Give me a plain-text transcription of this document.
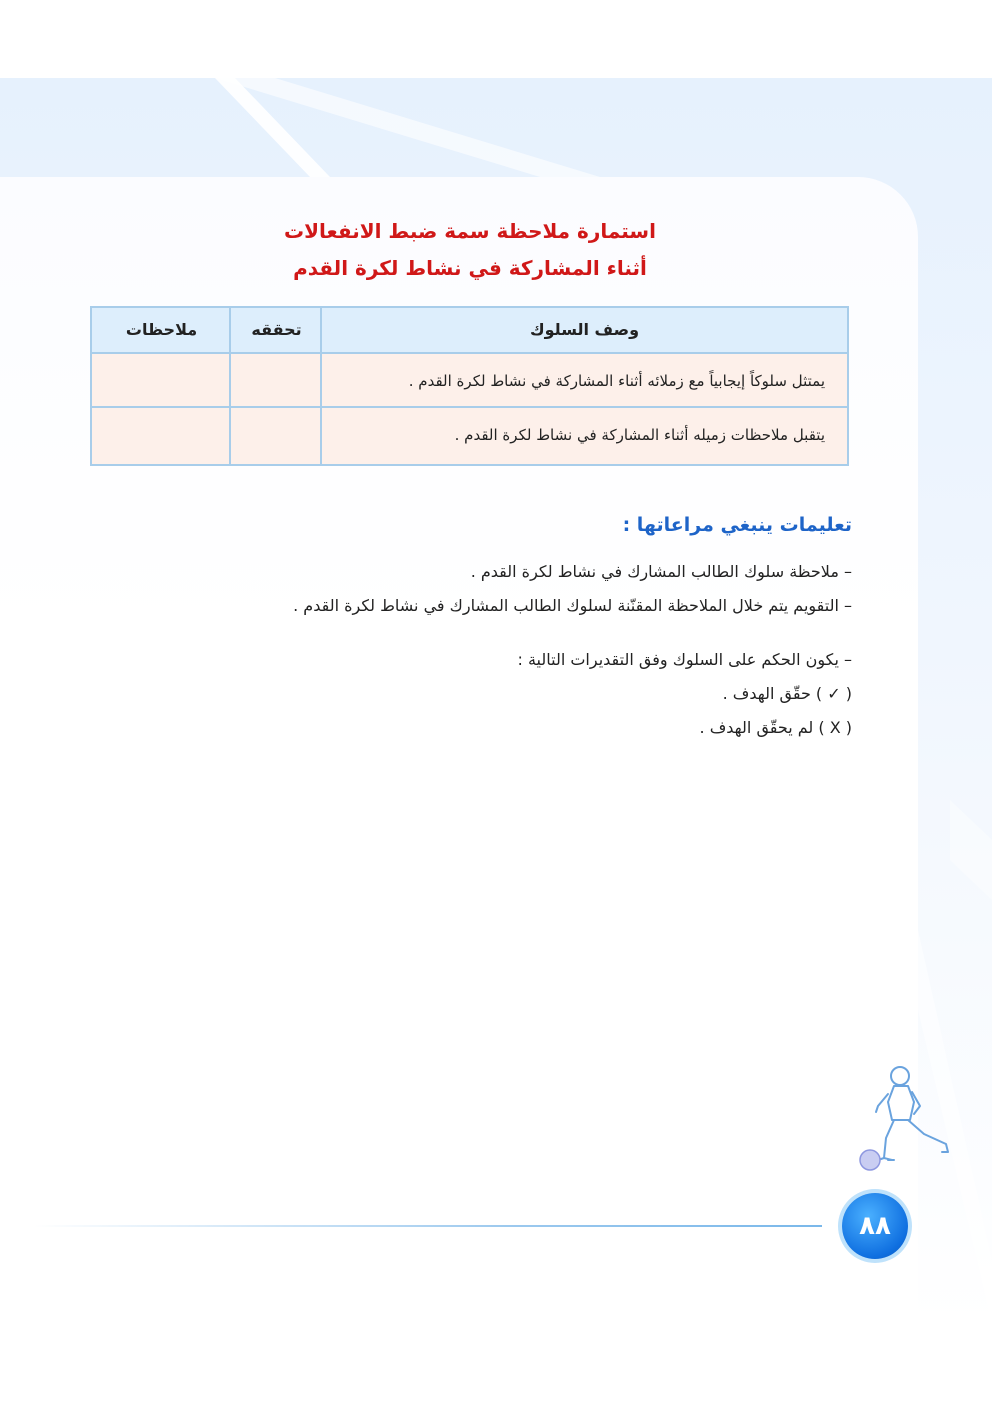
استمارة ملاحظة سمة ضبط الانفعالات
أثناء المشاركة في نشاط لكرة القدم
وصف السلوك
تحققه
ملاحظات
يمتثل سلوكاً إيجابياً مع زملائه أثناء المشاركة في نشاط لكرة القدم .
يتقبل ملاحظات زميله أثناء المشاركة في نشاط لكرة القدم .
تعليمات ينبغي مراعاتها :
– ملاحظة سلوك الطالب المشارك في نشاط لكرة القدم .
– التقويم يتم خلال الملاحظة المقنّنة لسلوك الطالب المشارك في نشاط لكرة القدم .
– يكون الحكم على السلوك وفق التقديرات التالية :
( ✓ ) حقّق الهدف .
( X ) لم يحقّق الهدف .
٨٨
